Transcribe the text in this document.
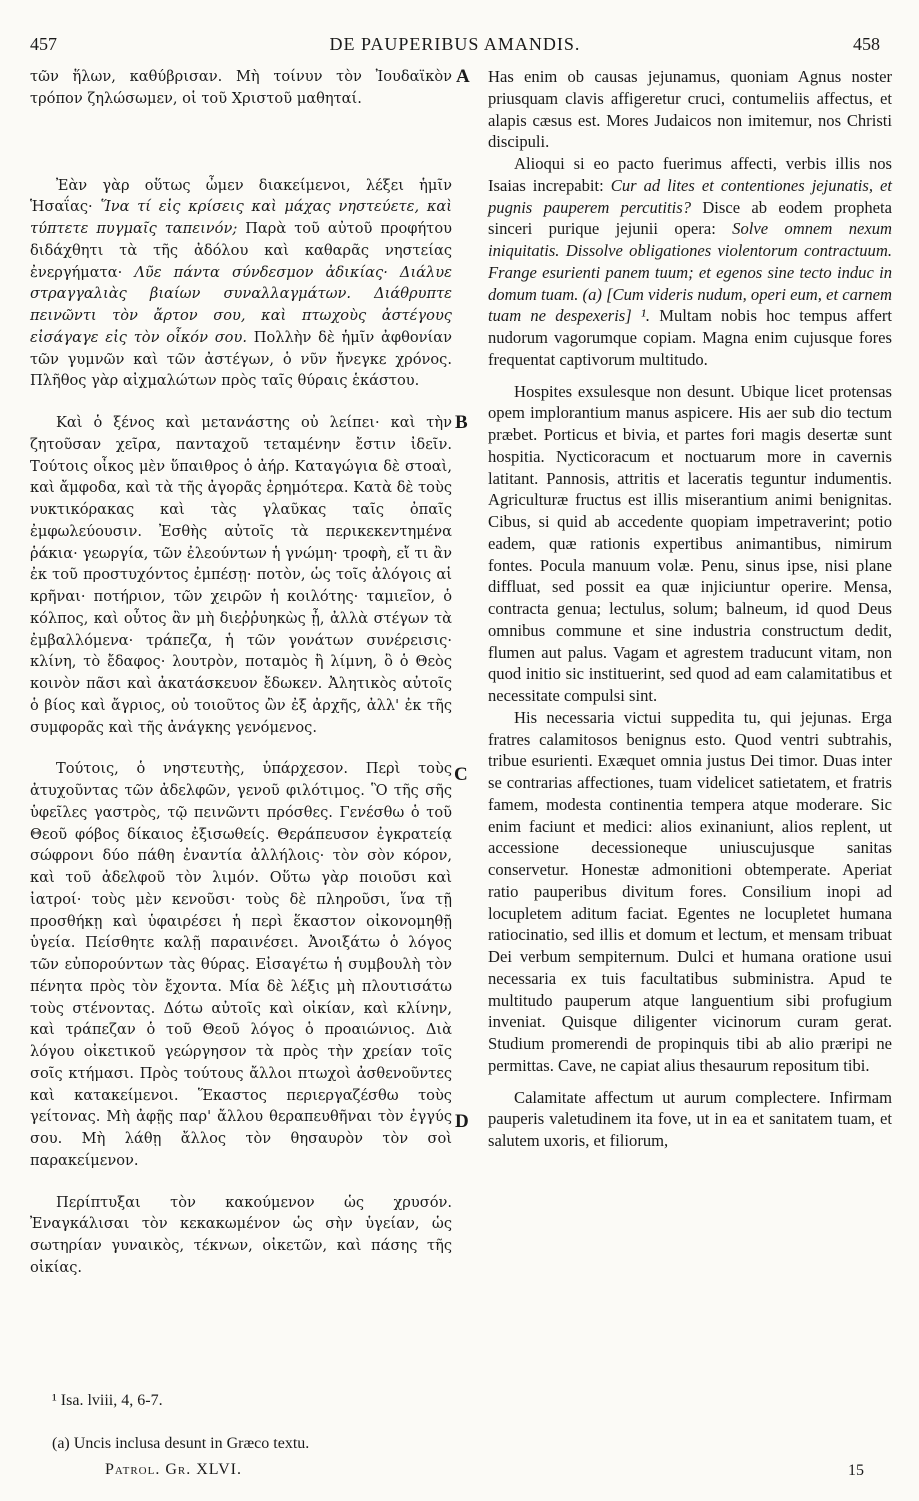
457	DE PAUPERIBUS AMANDIS.	458

τῶν ἥλων, καθύβρισαν. Μὴ τοίνυν τὸν Ἰουδαϊκὸν τρόπον ζηλώσωμεν, οἱ τοῦ Χριστοῦ μαθηταί.

Ἐὰν γὰρ οὕτως ὦμεν διακείμενοι, λέξει ἡμῖν Ἡσαΐας· Ἵνα τί εἰς κρίσεις καὶ μάχας νηστεύετε, καὶ τύπτετε πυγμαῖς ταπεινόν; Παρὰ τοῦ αὐτοῦ προφήτου διδάχθητι τὰ τῆς ἀδόλου καὶ καθαρᾶς νηστείας ἐνεργήματα· Λῦε πάντα σύνδεσμον ἀδικίας· Διάλυε στραγγαλιὰς βιαίων συναλλαγμάτων. Διάθρυπτε πεινῶντι τὸν ἄρτον σου, καὶ πτωχοὺς ἀστέγους εἰσάγαγε εἰς τὸν οἶκόν σου. Πολλὴν δὲ ἡμῖν ἀφθονίαν τῶν γυμνῶν καὶ τῶν ἀστέγων, ὁ νῦν ἤνεγκε χρόνος. Πλῆθος γὰρ αἰχμαλώτων πρὸς ταῖς θύραις ἑκάστου.

Καὶ ὁ ξένος καὶ μετανάστης οὐ λείπει· καὶ τὴν ζητοῦσαν χεῖρα, πανταχοῦ τεταμένην ἔστιν ἰδεῖν. Τούτοις οἶκος μὲν ὕπαιθρος ὁ ἀήρ. Καταγώγια δὲ στοαὶ, καὶ ἄμφοδα, καὶ τὰ τῆς ἀγορᾶς ἐρημότερα. Κατὰ δὲ τοὺς νυκτικόρακας καὶ τὰς γλαῦκας ταῖς ὀπαῖς ἐμφωλεύουσιν. Ἐσθὴς αὐτοῖς τὰ περικεκεντημένα ῥάκια· γεωργία, τῶν ἐλεούντων ἡ γνώμη· τροφὴ, εἴ τι ἂν ἐκ τοῦ προστυχόντος ἐμπέσῃ· ποτὸν, ὡς τοῖς ἀλόγοις αἱ κρῆναι· ποτήριον, τῶν χειρῶν ἡ κοιλότης· ταμιεῖον, ὁ κόλπος, καὶ οὗτος ἂν μὴ διεῤῥυηκὼς ᾖ, ἀλλὰ στέγων τὰ ἐμβαλλόμενα· τράπεζα, ἡ τῶν γονάτων συνέρεισις· κλίνη, τὸ ἔδαφος· λουτρὸν, ποταμὸς ἢ λίμνη, ὃ ὁ Θεὸς κοινὸν πᾶσι καὶ ἀκατάσκευον ἔδωκεν. Ἀλητικὸς αὐτοῖς ὁ βίος καὶ ἄγριος, οὐ τοιοῦτος ὢν ἐξ ἀρχῆς, ἀλλ' ἐκ τῆς συμφορᾶς καὶ τῆς ἀνάγκης γενόμενος.

Τούτοις, ὁ νηστευτὴς, ὑπάρχεσον. Περὶ τοὺς ἀτυχοῦντας τῶν ἀδελφῶν, γενοῦ φιλότιμος. Ὃ τῆς σῆς ὑφεῖλες γαστρὸς, τῷ πεινῶντι πρόσθες. Γενέσθω ὁ τοῦ Θεοῦ φόβος δίκαιος ἐξισωθείς. Θεράπευσον ἐγκρατείᾳ σώφρονι δύο πάθη ἐναντία ἀλλήλοις· τὸν σὸν κόρον, καὶ τοῦ ἀδελφοῦ τὸν λιμόν. Οὕτω γὰρ ποιοῦσι καὶ ἰατροί· τοὺς μὲν κενοῦσι· τοὺς δὲ πληροῦσι, ἵνα τῇ προσθήκῃ καὶ ὑφαιρέσει ἡ περὶ ἕκαστον οἰκονομηθῇ ὑγεία. Πείσθητε καλῇ παραινέσει. Ἀνοιξάτω ὁ λόγος τῶν εὐπορούντων τὰς θύρας. Εἰσαγέτω ἡ συμβουλὴ τὸν πένητα πρὸς τὸν ἔχοντα. Μία δὲ λέξις μὴ πλουτισάτω τοὺς στένοντας. Δότω αὐτοῖς καὶ οἰκίαν, καὶ κλίνην, καὶ τράπεζαν ὁ τοῦ Θεοῦ λόγος ὁ προαιώνιος. Διὰ λόγου οἰκετικοῦ γεώργησον τὰ πρὸς τὴν χρείαν τοῖς σοῖς κτήμασι. Πρὸς τούτους ἄλλοι πτωχοὶ ἀσθενοῦντες καὶ κατακείμενοι. Ἕκαστος περιεργαζέσθω τοὺς γείτονας. Μὴ ἀφῇς παρ' ἄλλου θεραπευθῆναι τὸν ἐγγύς σου. Μὴ λάθῃ ἄλλος τὸν θησαυρὸν τὸν σοὶ παρακείμενον.

Περίπτυξαι τὸν κακούμενον ὡς χρυσόν. Ἐναγκάλισαι τὸν κεκακωμένον ὡς σὴν ὑγείαν, ὡς σωτηρίαν γυναικὸς, τέκνων, οἰκετῶν, καὶ πάσης τῆς οἰκίας.

A
B
C
D

Has enim ob causas jejunamus, quoniam Agnus noster priusquam clavis affigeretur cruci, contumeliis affectus, et alapis cæsus est. Mores Judaicos non imitemur, nos Christi discipuli.

Alioqui si eo pacto fuerimus affecti, verbis illis nos Isaias increpabit: Cur ad lites et contentiones jejunatis, et pugnis pauperem percutitis? Disce ab eodem propheta sinceri purique jejunii opera: Solve omnem nexum iniquitatis. Dissolve obligationes violentorum contractuum. Frange esurienti panem tuum; et egenos sine tecto induc in domum tuam. (a) [Cum videris nudum, operi eum, et carnem tuam ne despexeris] ¹. Multam nobis hoc tempus affert nudorum vagorumque copiam. Magna enim cujusque fores frequentat captivorum multitudo.

Hospites exsulesque non desunt. Ubique licet protensas opem implorantium manus aspicere. His aer sub dio tectum præbet. Porticus et bivia, et partes fori magis desertæ sunt hospitia. Nycticoracum et noctuarum more in cavernis latitant. Pannosis, attritis et laceratis teguntur indumentis. Agriculturæ fructus est illis miserantium animi benignitas. Cibus, si quid ab accedente quopiam impetraverint; potio eadem, quæ rationis expertibus animantibus, nimirum fontes. Pocula manuum volæ. Penu, sinus ipse, nisi plane diffluat, sed possit ea quæ injiciuntur operire. Mensa, contracta genua; lectulus, solum; balneum, id quod Deus omnibus commune et sine industria constructum dedit, flumen aut palus. Vagam et agrestem traducunt vitam, non quod initio sic instituerint, sed quod ad eam calamitatibus et necessitate compulsi sint.

His necessaria victui suppedita tu, qui jejunas. Erga fratres calamitosos benignus esto. Quod ventri subtrahis, tribue esurienti. Exæquet omnia justus Dei timor. Duas inter se contrarias affectiones, tuam videlicet satietatem, et fratris famem, modesta continentia tempera atque moderare. Sic enim faciunt et medici: alios exinaniunt, alios replent, ut accessione decessioneque uniuscujusque sanitas conservetur. Honestæ admonitioni obtemperate. Aperiat ratio pauperibus divitum fores. Consilium inopi ad locupletem aditum faciat. Egentes ne locupletet humana ratiocinatio, sed illis et domum et lectum, et mensam tribuat Dei verbum sempiternum. Dulci et humana oratione usui necessaria ex tuis facultatibus subministra. Apud te multitudo pauperum atque languentium sibi profugium inveniat. Quisque diligenter vicinorum curam gerat. Studium promerendi de propinquis tibi ab alio præripi ne permittas. Cave, ne capiat alius thesaurum repositum tibi.

Calamitate affectum ut aurum complectere. Infirmam pauperis valetudinem ita fove, ut in ea et sanitatem tuam, et salutem uxoris, et filiorum,

¹ Isa. lviii, 4, 6-7.
(a) Uncis inclusa desunt in Græco textu.
Patrol. Gr. XLVI.	15
